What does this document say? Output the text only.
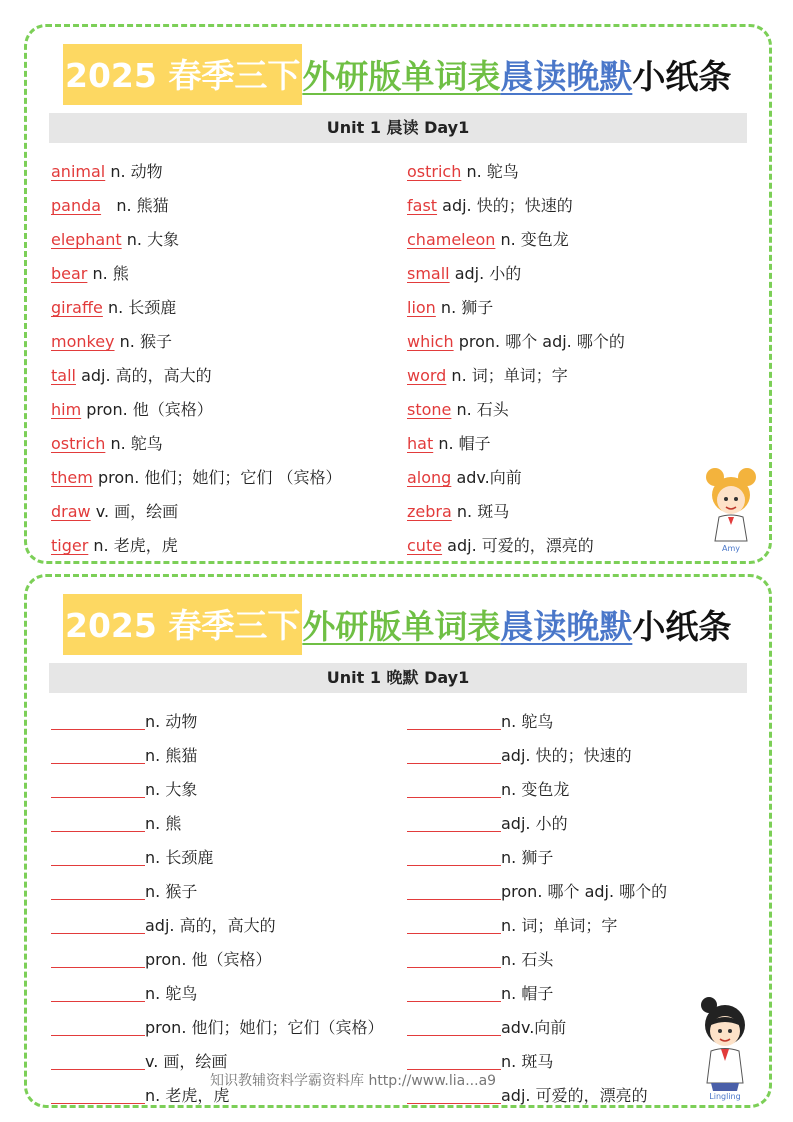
2025 春季三下 外研版单词表 晨读晚默 小纸条
Unit 1 晨读 Day1
animal n. 动物
panda   n. 熊猫
elephant n. 大象
bear n. 熊
giraffe n. 长颈鹿
monkey n. 猴子
tall adj. 高的，高大的
him pron. 他（宾格）
ostrich n. 鸵鸟
them pron. 他们；她们；它们 （宾格）
draw v. 画，绘画
tiger n. 老虎，虎
ostrich n. 鸵鸟
fast adj. 快的；快速的
chameleon n. 变色龙
small adj. 小的
lion n. 狮子
which pron. 哪个 adj. 哪个的
word n. 词；单词；字
stone n. 石头
hat n. 帽子
along adv.向前
zebra n. 斑马
cute adj. 可爱的，漂亮的	Amy
2025 春季三下 外研版单词表 晨读晚默 小纸条
Unit 1 晚默 Day1
n. 动物
n. 熊猫
n. 大象
n. 熊
n. 长颈鹿
n. 猴子
adj. 高的，高大的
pron. 他（宾格）
n. 鸵鸟
pron. 他们；她们；它们（宾格）
v. 画，绘画
n. 老虎，虎
n. 鸵鸟
adj. 快的；快速的
n. 变色龙
adj. 小的
n. 狮子
pron. 哪个 adj. 哪个的
n. 词；单词；字
n. 石头
n. 帽子
adv.向前
n. 斑马
adj. 可爱的，漂亮的	Lingling
知识教辅资料学霸资料库 http://www.lia...a9
